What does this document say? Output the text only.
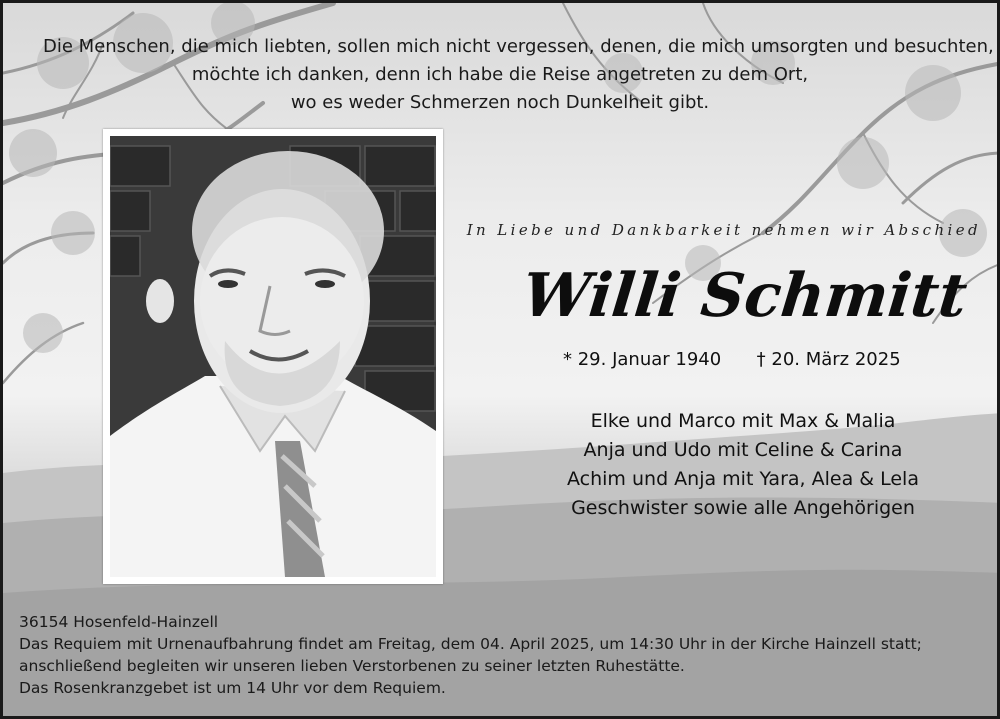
Die Menschen, die mich liebten, sollen mich nicht vergessen, denen, die mich umsorgten und besuchten,
möchte ich danken, denn ich habe die Reise angetreten zu dem Ort,
wo es weder Schmerzen noch Dunkelheit gibt.
In Liebe und Dankbarkeit nehmen wir Abschied
Willi Schmitt
* 29. Januar 1940 † 20. März 2025
Elke und Marco mit Max & Malia
Anja und Udo mit Celine & Carina
Achim und Anja mit Yara, Alea & Lela
Geschwister sowie alle Angehörigen
36154 Hosenfeld-Hainzell
Das Requiem mit Urnenaufbahrung findet am Freitag, dem 04. April 2025, um 14:30 Uhr in der Kirche Hainzell statt;
anschließend begleiten wir unseren lieben Verstorbenen zu seiner letzten Ruhestätte.
Das Rosenkranzgebet ist um 14 Uhr vor dem Requiem.
